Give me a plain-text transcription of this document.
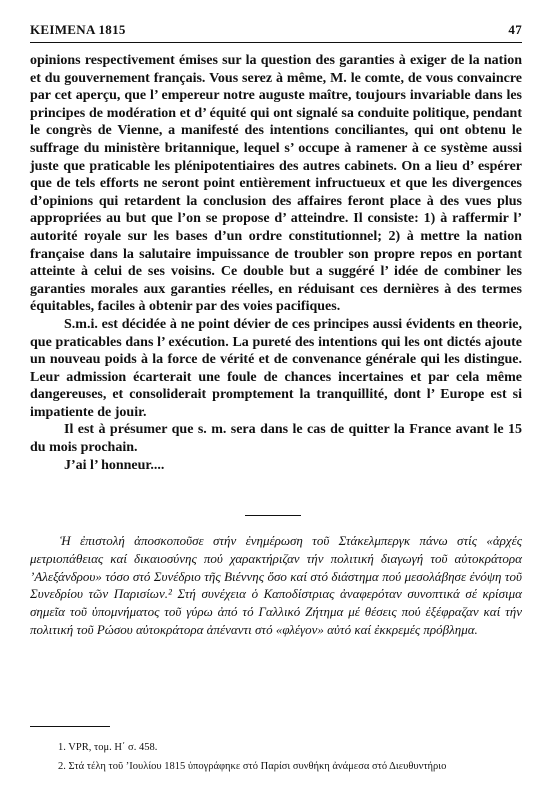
ΚΕΙΜΕΝΑ 1815	47

opinions respectivement émises sur la question des garanties à exiger de la nation et du gouvernement français. Vous serez à même, M. le comte, de vous convaincre par cet aperçu, que l’ empereur notre auguste maître, toujours invariable dans les principes de modération et d’ équité qui ont signalé sa conduite politique, pendant le congrès de Vienne, a manifesté des intentions conciliantes, qui ont obtenu le suffrage du ministère britannique, lequel s’ occupe à ramener à ce système aussi juste que praticable les plénipotentiaires des autres cabinets. On a lieu d’ espérer que de tels efforts ne seront point entièrement infructueux et que les divergences d’opinions qui retardent la conclusion des affaires feront place à des vues plus appropriées au but que l’on se propose d’ atteindre. Il consiste: 1) à raffermir l’ autorité royale sur les bases d’un ordre constitutionnel; 2) à mettre la nation française dans la salutaire impuissance de troubler son propre repos en portant atteinte à celui de ses voisins. Ce double but a suggéré l’ idée de combiner les garanties morales aux garanties réelles, en réduisant ces dernières à des termes équitables, faciles à obtenir par des voies pacifiques.

S.m.i. est décidée à ne point dévier de ces principes aussi évidents en theorie, que praticables dans l’ exécution. La pureté des intentions qui les ont dictés ajoute un nouveau poids à la force de vérité et de convenance générale qui les distingue. Leur admission écarterait une foule de chances incertaines et par cela même dangereuses, et consoliderait promptement la tranquillité, dont l’ Europe est si impatiente de jouir.

Il est à présumer que s. m. sera dans le cas de quitter la France avant le 15 du mois prochain.

J’ai l’ honneur....

Ἡ ἐπιστολή ἀποσκοποῦσε στήν ἐνημέρωση τοῦ Στάκελμπεργκ πάνω στίς «ἀρχές μετριοπάθειας καί δικαιοσύνης πού χαρακτήριζαν τήν πολιτική διαγωγή τοῦ αὐτοκράτορα ’Αλεξάνδρου» τόσο στό Συνέδριο τῆς Βιέννης ὅσο καί στό διάστημα πού μεσολάβησε ἐνόψη τοῦ Συνεδρίου τῶν Παρισίων.² Στή συνέχεια ὁ Καποδίστριας ἀναφερόταν συνοπτικά σέ κρίσιμα σημεῖα τοῦ ὑπομνήματος τοῦ γύρω ἀπό τό Γαλλικό Ζήτημα μέ θέσεις πού ἐξέφραζαν καί τήν πολιτική τοῦ Ρώσου αὐτοκράτορα ἀπέναντι στό «φλέγον» αὐτό καί ἐκκρεμές πρόβλημα.

1. VPR, τομ. Η΄ σ. 458.

2. Στά τέλη τοῦ ’Ιουλίου 1815 ὑπογράφηκε στό Παρίσι συνθήκη ἀνάμεσα στό Διευθυντήριο
